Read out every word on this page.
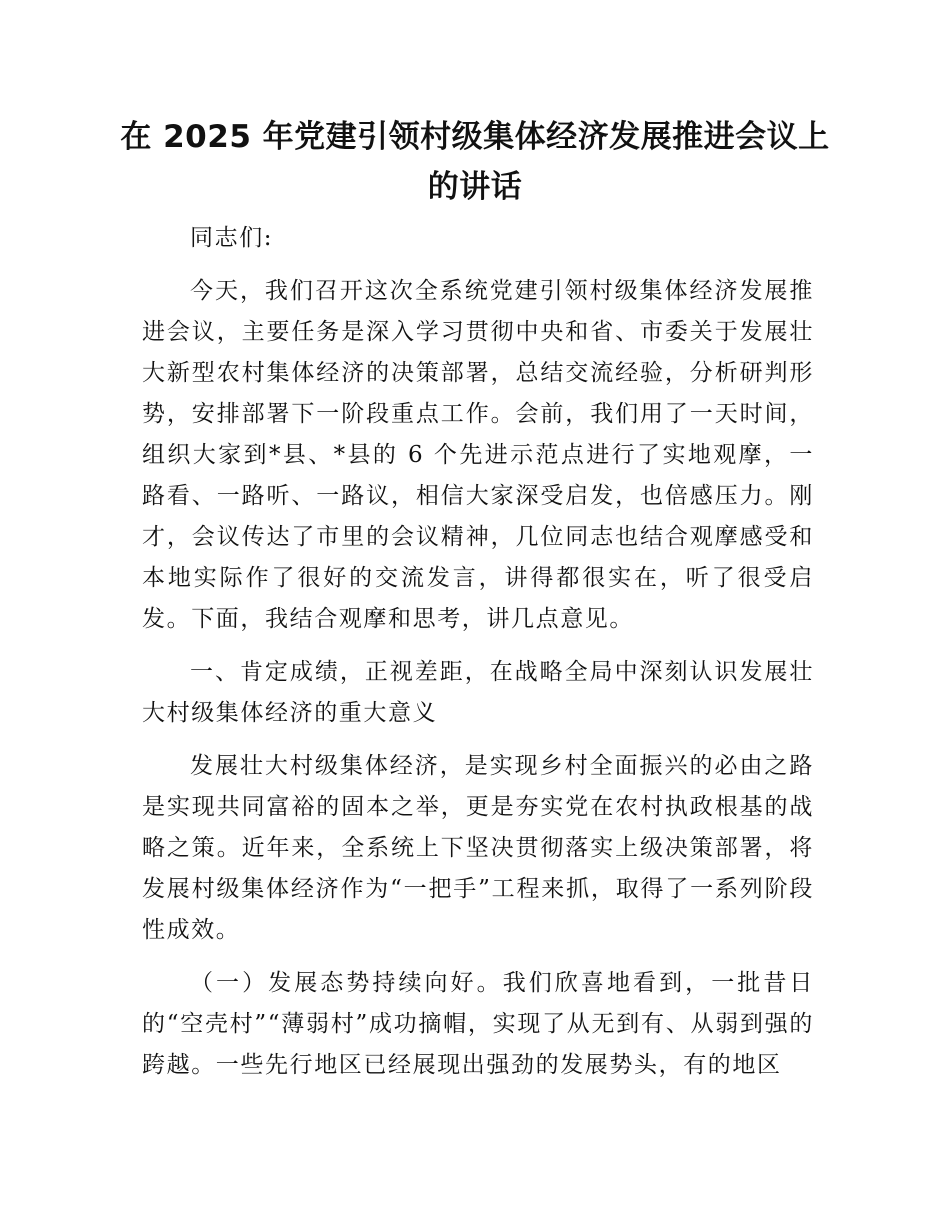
在 2025 年党建引领村级集体经济发展推进会议上的讲话

同志们:

今天，我们召开这次全系统党建引领村级集体经济发展推进会议，主要任务是深入学习贯彻中央和省、市委关于发展壮大新型农村集体经济的决策部署，总结交流经验，分析研判形势，安排部署下一阶段重点工作。会前，我们用了一天时间，组织大家到*县、*县的 6 个先进示范点进行了实地观摩，一路看、一路听、一路议，相信大家深受启发，也倍感压力。刚才，会议传达了市里的会议精神，几位同志也结合观摩感受和本地实际作了很好的交流发言，讲得都很实在，听了很受启发。下面，我结合观摩和思考，讲几点意见。

一、肯定成绩，正视差距，在战略全局中深刻认识发展壮大村级集体经济的重大意义

发展壮大村级集体经济，是实现乡村全面振兴的必由之路是实现共同富裕的固本之举，更是夯实党在农村执政根基的战略之策。近年来，全系统上下坚决贯彻落实上级决策部署，将发展村级集体经济作为“一把手”工程来抓，取得了一系列阶段性成效。

（一）发展态势持续向好。我们欣喜地看到，一批昔日的“空壳村”“薄弱村”成功摘帽，实现了从无到有、从弱到强的跨越。一些先行地区已经展现出强劲的发展势头，有的地区
